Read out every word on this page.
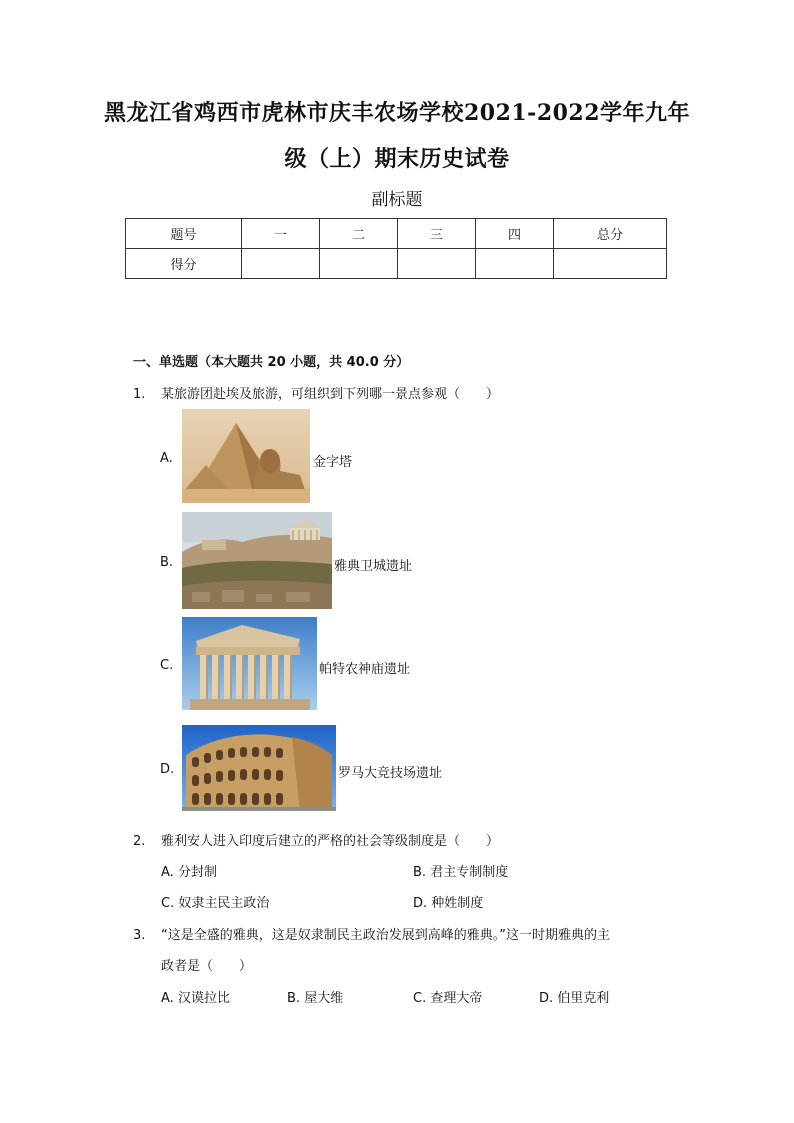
黑龙江省鸡西市虎林市庆丰农场学校2021-2022学年九年
级（上）期末历史试卷
副标题
题号	一	二	三	四	总分
得分					
一、单选题（本大题共 20 小题，共 40.0 分）
1. 某旅游团赴埃及旅游，可组织到下列哪一景点参观（　　）
A.	金字塔
B.	雅典卫城遗址
C.	帕特农神庙遗址
D.	罗马大竞技场遗址
2. 雅利安人进入印度后建立的严格的社会等级制度是（　　）
A. 分封制	B. 君主专制制度
C. 奴隶主民主政治	D. 种姓制度
3. “这是全盛的雅典，这是奴隶制民主政治发展到高峰的雅典。”这一时期雅典的主
政者是（　　）
A. 汉谟拉比	B. 屋大维	C. 查理大帝	D. 伯里克利
